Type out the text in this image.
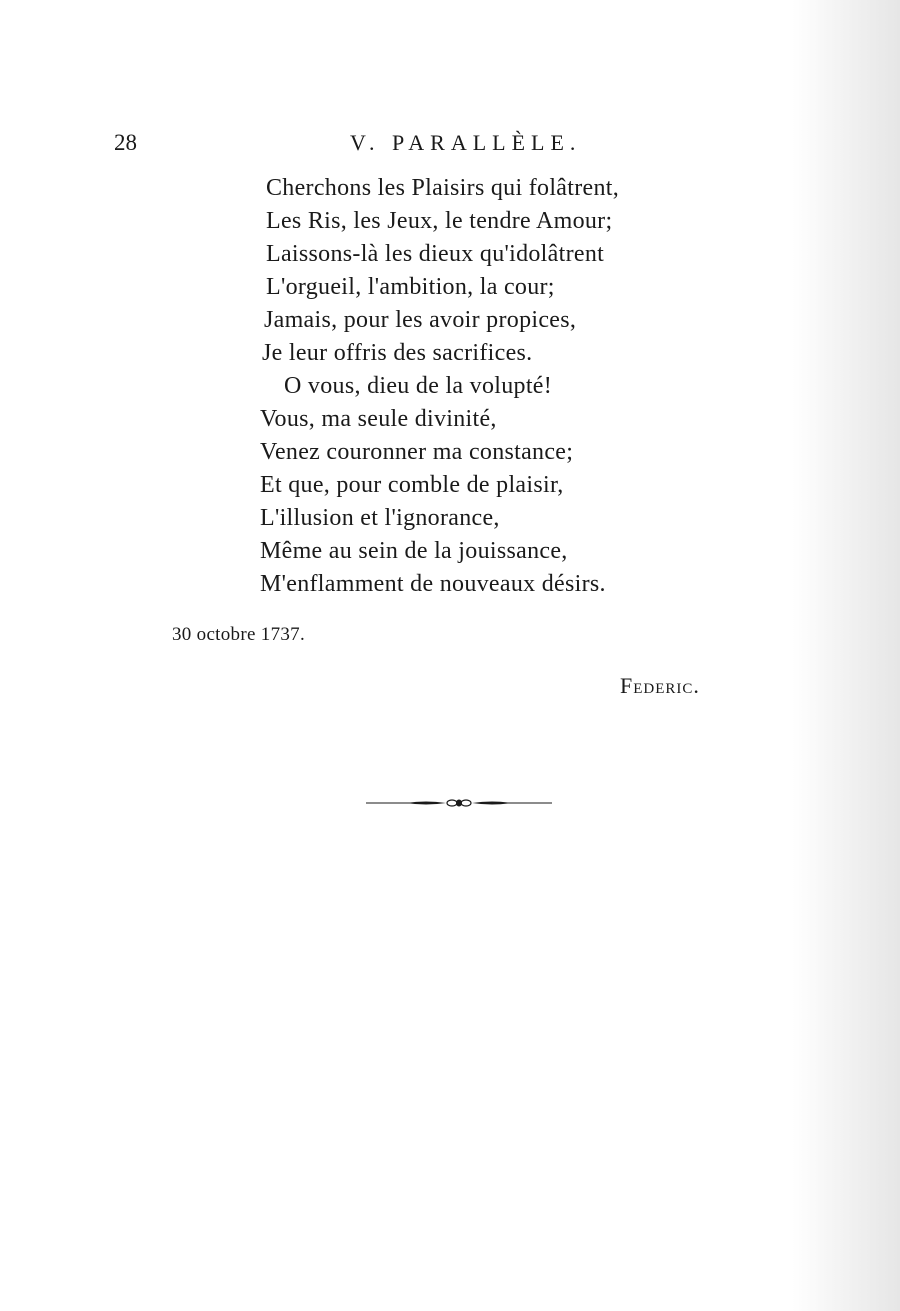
28	V. PARALLÈLE.
Cherchons les Plaisirs qui folâtrent,
Les Ris, les Jeux, le tendre Amour;
Laissons-là les dieux qu'idolâtrent
L'orgueil, l'ambition, la cour;
Jamais, pour les avoir propices,
Je leur offris des sacrifices.
O vous, dieu de la volupté!
Vous, ma seule divinité,
Venez couronner ma constance;
Et que, pour comble de plaisir,
L'illusion et l'ignorance,
Même au sein de la jouissance,
M'enflamment de nouveaux désirs.
30 octobre 1737.
Federic.
